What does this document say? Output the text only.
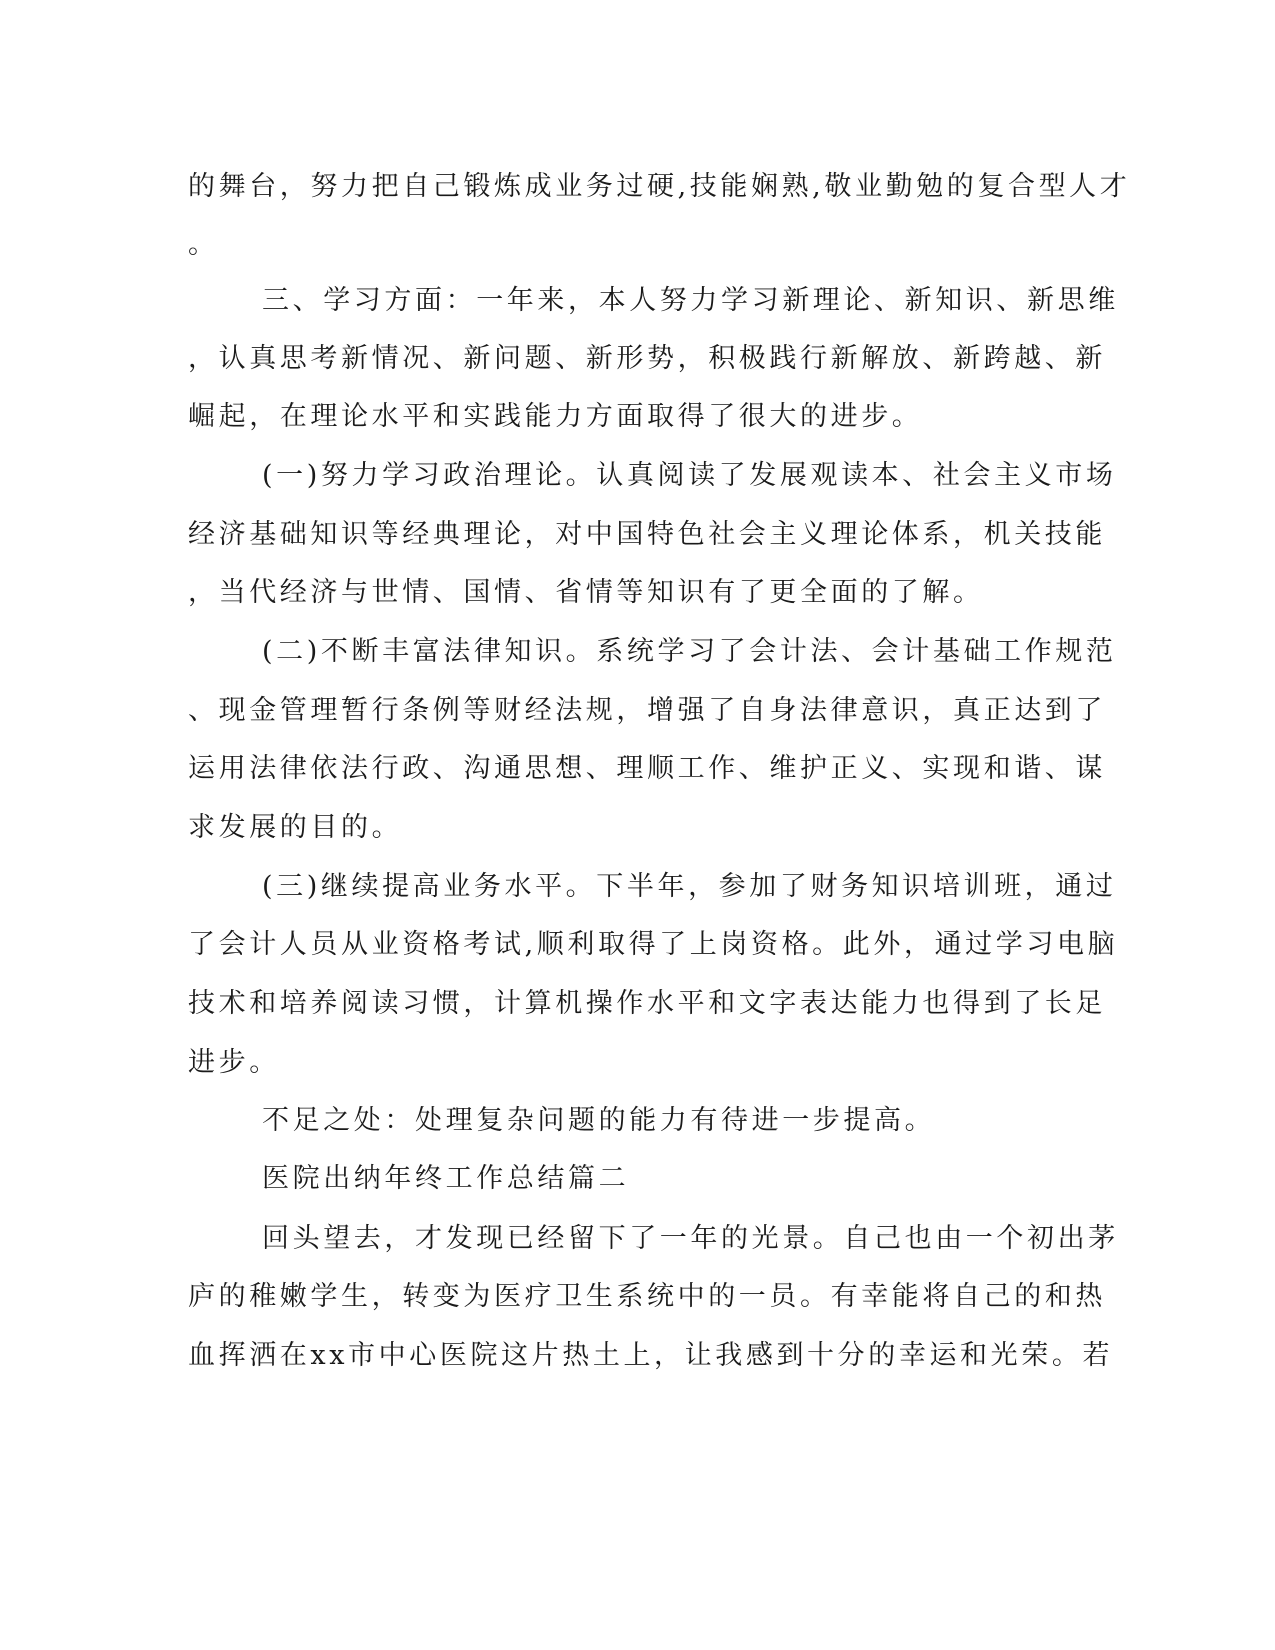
的舞台，努力把自己锻炼成业务过硬,技能娴熟,敬业勤勉的复合型人才
。
三、学习方面：一年来，本人努力学习新理论、新知识、新思维
，认真思考新情况、新问题、新形势，积极践行新解放、新跨越、新
崛起，在理论水平和实践能力方面取得了很大的进步。
(一)努力学习政治理论。认真阅读了发展观读本、社会主义市场
经济基础知识等经典理论，对中国特色社会主义理论体系，机关技能
，当代经济与世情、国情、省情等知识有了更全面的了解。
(二)不断丰富法律知识。系统学习了会计法、会计基础工作规范
、现金管理暂行条例等财经法规，增强了自身法律意识，真正达到了
运用法律依法行政、沟通思想、理顺工作、维护正义、实现和谐、谋
求发展的目的。
(三)继续提高业务水平。下半年，参加了财务知识培训班，通过
了会计人员从业资格考试,顺利取得了上岗资格。此外，通过学习电脑
技术和培养阅读习惯，计算机操作水平和文字表达能力也得到了长足
进步。
不足之处：处理复杂问题的能力有待进一步提高。
医院出纳年终工作总结篇二
回头望去，才发现已经留下了一年的光景。自己也由一个初出茅
庐的稚嫩学生，转变为医疗卫生系统中的一员。有幸能将自己的和热
血挥洒在xx市中心医院这片热土上，让我感到十分的幸运和光荣。若
